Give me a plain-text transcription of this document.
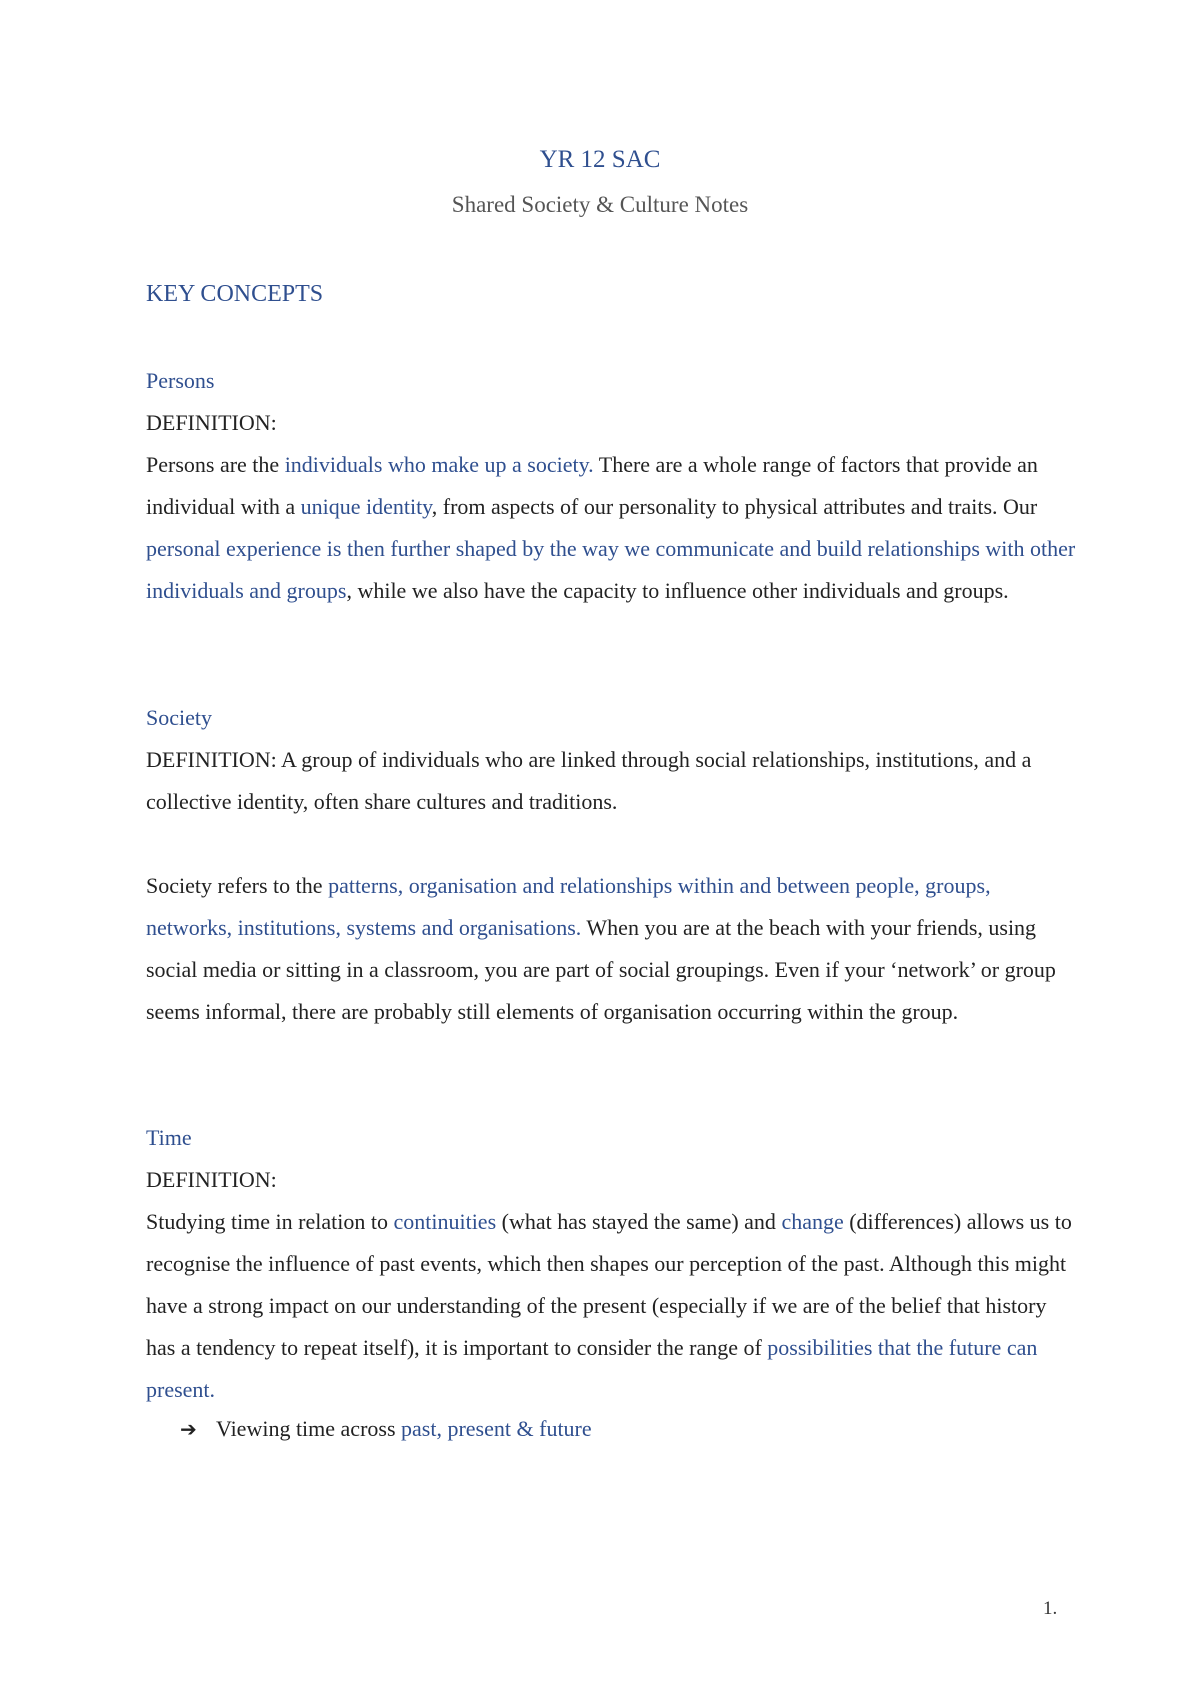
YR 12 SAC
Shared Society & Culture Notes
KEY CONCEPTS
Persons
DEFINITION:

Persons are the individuals who make up a society. There are a whole range of factors that provide an individual with a unique identity, from aspects of our personality to physical attributes and traits. Our personal experience is then further shaped by the way we communicate and build relationships with other individuals and groups, while we also have the capacity to influence other individuals and groups.

Society

DEFINITION: A group of individuals who are linked through social relationships, institutions, and a collective identity, often share cultures and traditions.

Society refers to the patterns, organisation and relationships within and between people, groups, networks, institutions, systems and organisations. When you are at the beach with your friends, using social media or sitting in a classroom, you are part of social groupings. Even if your ‘network’ or group seems informal, there are probably still elements of organisation occurring within the group.

Time
DEFINITION:

Studying time in relation to continuities (what has stayed the same) and change (differences) allows us to recognise the influence of past events, which then shapes our perception of the past. Although this might have a strong impact on our understanding of the present (especially if we are of the belief that history has a tendency to repeat itself), it is important to consider the range of possibilities that the future can present.

➔ Viewing time across past, present & future
1.
